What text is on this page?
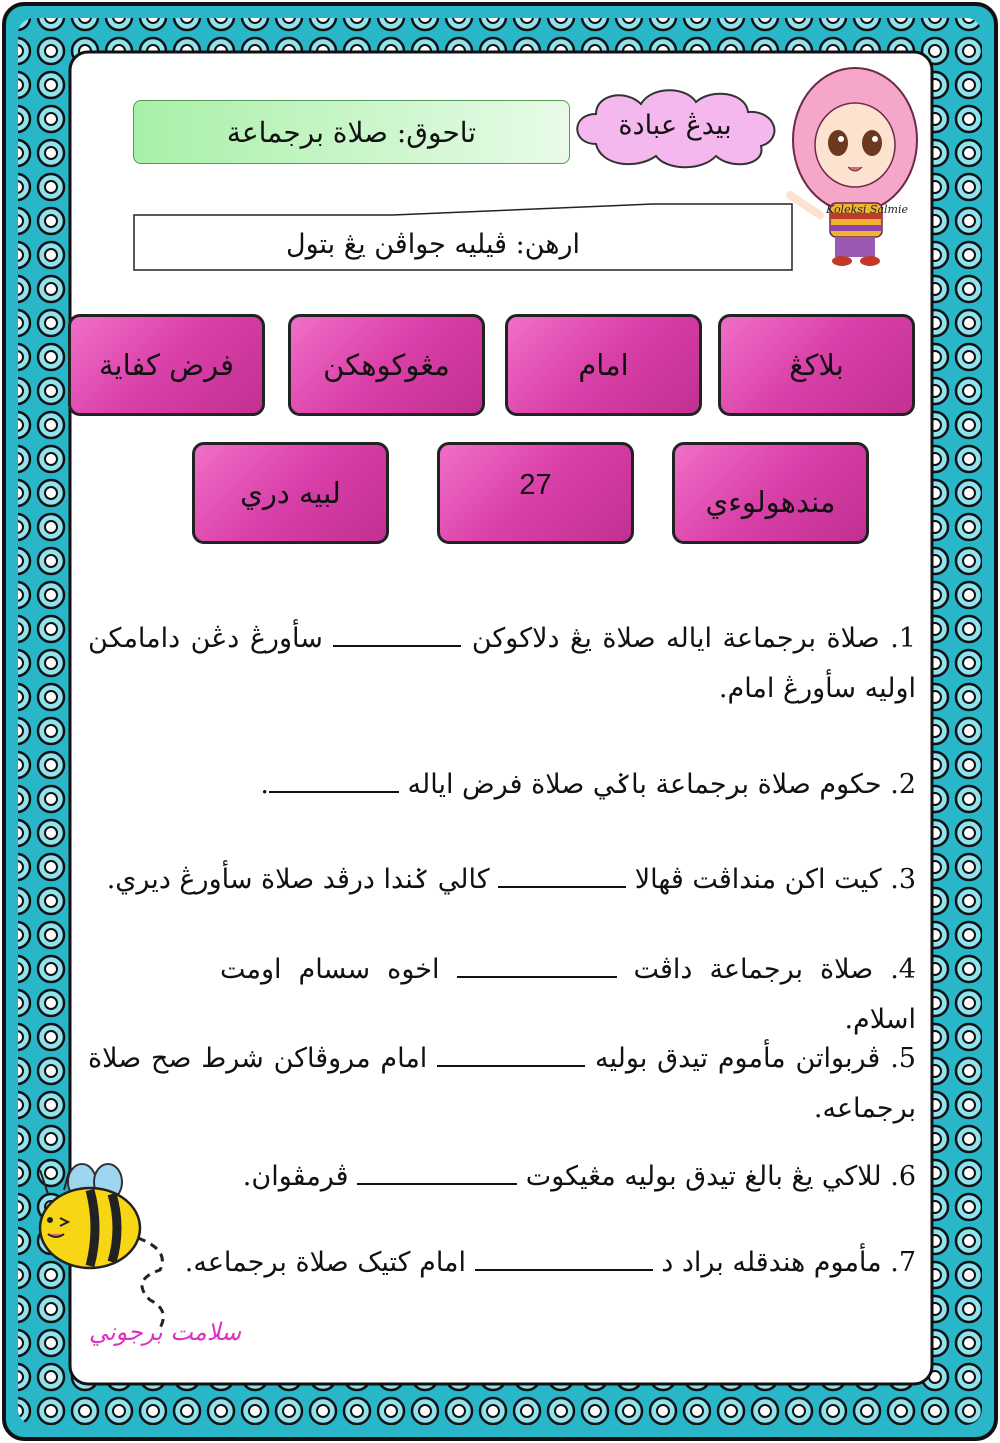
تاحوق: صلاة برجماعة	بيدڠ عبادة
ارهن: ڤيليه جواڤن يڠ بتول
Koleksi Salmie
بلاكڠ
امام
مڠوكوهكن
فرض كفاية
مندهولوءي
27
لبيه دري
1. صلاة برجماعة اياله صلاة يڠ دلاكوكن  سأورڠ دڠن دامامكن اوليه سأورڠ امام.
2. حكوم صلاة برجماعة باݢي صلاة فرض اياله .
3. كيت اكن منداڤت ڤهالا  كالي ݢندا درڤد صلاة سأورڠ ديري.
4. صلاة برجماعة داڤت  اخوه سسام اومت اسلام.
5. ڤربواتن مأموم تيدق بوليه  امام مروڤاكن شرط صح صلاة برجماعه.
6. للاكي يڠ بالغ تيدق بوليه مڠيكوت  ڤرمڤوان.
7. مأموم هندقله براد د  امام كتيک صلاة برجماعه.
سلامت برجوني
